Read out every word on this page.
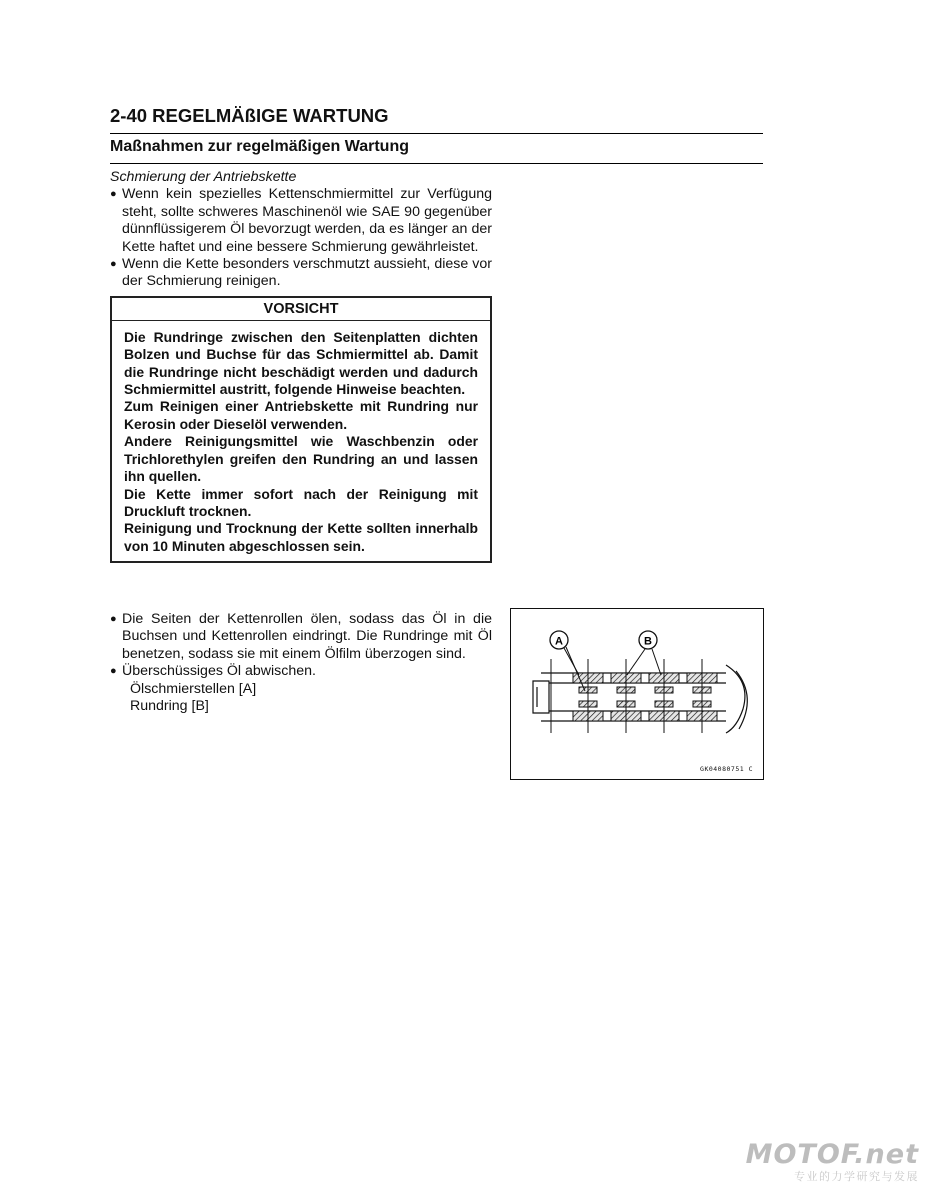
2-40 REGELMÄßIGE WARTUNG
Maßnahmen zur regelmäßigen Wartung

Schmierung der Antriebskette

● Wenn kein spezielles Kettenschmiermittel zur Verfügung steht, sollte schweres Maschinenöl wie SAE 90 gegenüber dünnflüssigerem Öl bevorzugt werden, da es länger an der Kette haftet und eine bessere Schmierung gewährleistet.
● Wenn die Kette besonders verschmutzt aussieht, diese vor der Schmierung reinigen.
VORSICHT

Die Rundringe zwischen den Seitenplatten dichten Bolzen und Buchse für das Schmiermittel ab. Damit die Rundringe nicht beschädigt werden und dadurch Schmiermittel austritt, folgende Hinweise beachten.

Zum Reinigen einer Antriebskette mit Rundring nur Kerosin oder Dieselöl verwenden.

Andere Reinigungsmittel wie Waschbenzin oder Trichlorethylen greifen den Rundring an und lassen ihn quellen.

Die Kette immer sofort nach der Reinigung mit Druckluft trocknen.

Reinigung und Trocknung der Kette sollten innerhalb von 10 Minuten abgeschlossen sein.

● Die Seiten der Kettenrollen ölen, sodass das Öl in die Buchsen und Kettenrollen eindringt. Die Rundringe mit Öl benetzen, sodass sie mit einem Ölfilm überzogen sind.
● Überschüssiges Öl abwischen.

Ölschmierstellen [A]

Rundring [B]

A	B
GK04080751 C
MOTOF.net
专业的力学研究与发展
